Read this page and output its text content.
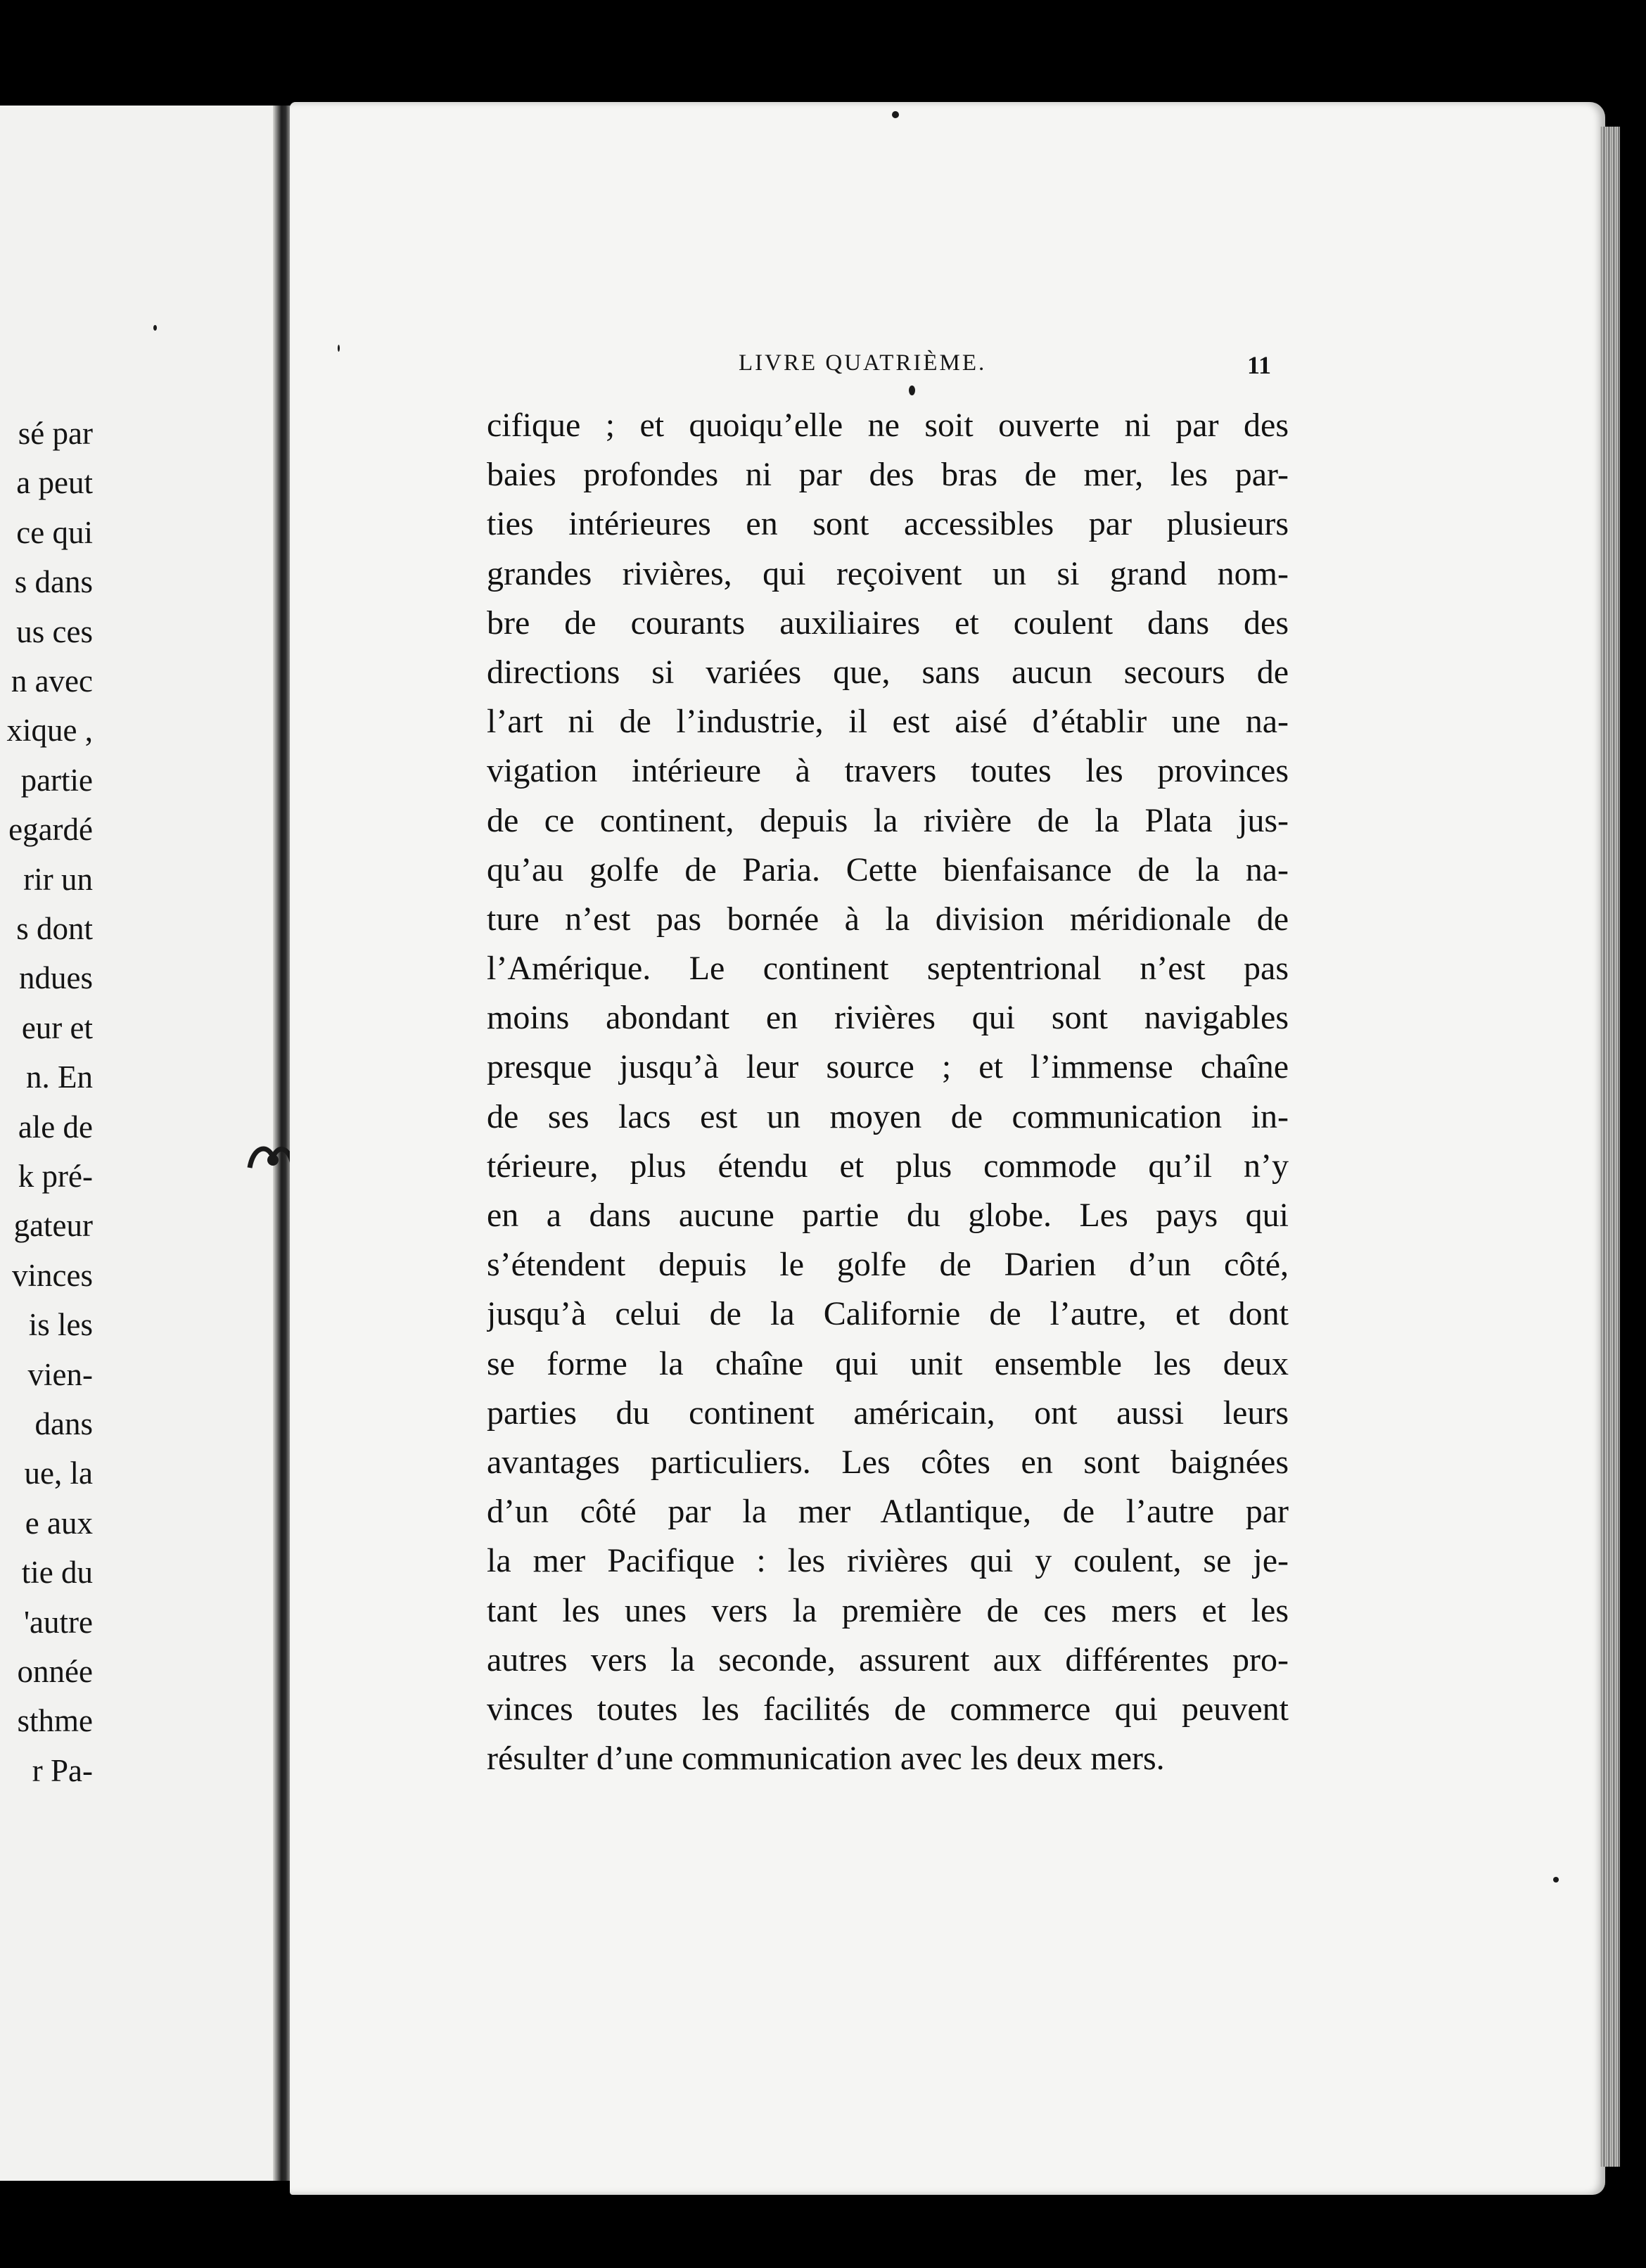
sé par
a peut
ce qui
s dans
us ces
n avec
xique ,
partie
egardé
rir un
s dont
ndues
eur et
n. En
ale de
k pré-
gateur
vinces
is les
vien-
dans
ue, la
e aux
tie du
'autre
onnée
sthme
r Pa-
LIVRE QUATRIÈME.	11
cifique ; et quoiqu’elle ne soit ouverte ni par des
baies profondes ni par des bras de mer, les par-
ties intérieures en sont accessibles par plusieurs
grandes rivières, qui reçoivent un si grand nom-
bre de courants auxiliaires et coulent dans des
directions si variées que, sans aucun secours de
l’art ni de l’industrie, il est aisé d’établir une na-
vigation intérieure à travers toutes les provinces
de ce continent, depuis la rivière de la Plata jus-
qu’au golfe de Paria. Cette bienfaisance de la na-
ture n’est pas bornée à la division méridionale de
l’Amérique. Le continent septentrional n’est pas
moins abondant en rivières qui sont navigables
presque jusqu’à leur source ; et l’immense chaîne
de ses lacs est un moyen de communication in-
térieure, plus étendu et plus commode qu’il n’y
en a dans aucune partie du globe. Les pays qui
s’étendent depuis le golfe de Darien d’un côté,
jusqu’à celui de la Californie de l’autre, et dont
se forme la chaîne qui unit ensemble les deux
parties du continent américain, ont aussi leurs
avantages particuliers. Les côtes en sont baignées
d’un côté par la mer Atlantique, de l’autre par
la mer Pacifique : les rivières qui y coulent, se je-
tant les unes vers la première de ces mers et les
autres vers la seconde, assurent aux différentes pro-
vinces toutes les facilités de commerce qui peuvent
résulter d’une communication avec les deux mers.
